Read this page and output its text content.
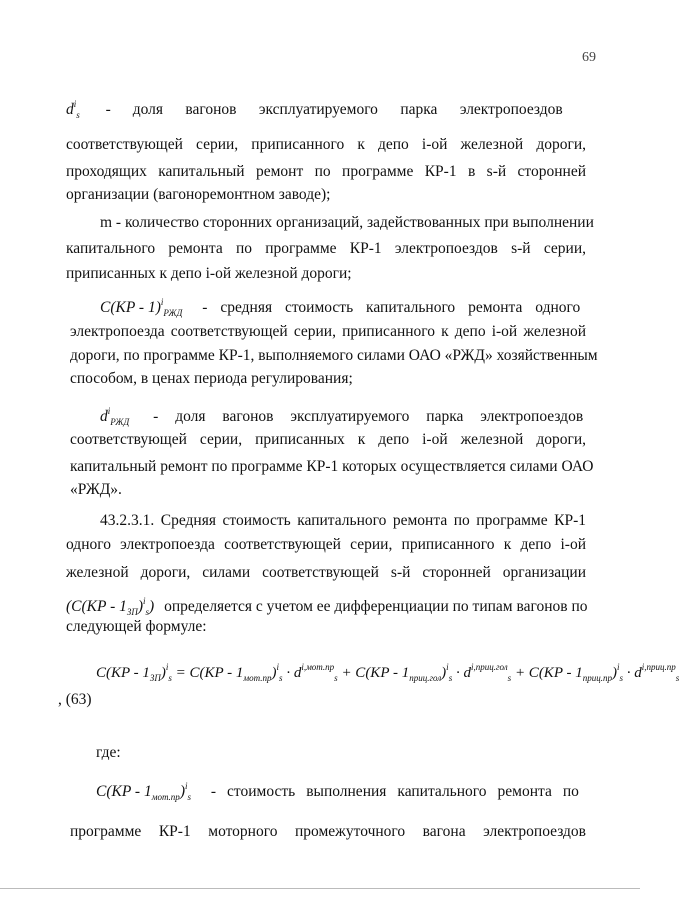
69
$d^i_s$ - доля вагонов эксплуатируемого парка электропоездов
соответствующей серии, приписанного к депо i-ой железной дороги,
проходящих капитальный ремонт по программе КР-1 в s-й сторонней
организации (вагоноремонтном заводе);
m - количество сторонних организаций, задействованных при выполнении
капитального ремонта по программе КР-1 электропоездов s-й серии,
приписанных к депо i-ой железной дороги;
C(KP - 1)$^i_{РЖД}$ - средняя стоимость капитального ремонта одного
электропоезда соответствующей серии, приписанного к депо i-ой железной
дороги, по программе КР-1, выполняемого силами ОАО «РЖД» хозяйственным
способом, в ценах периода регулирования;
$d^i_{РЖД}$ - доля вагонов эксплуатируемого парка электропоездов
соответствующей серии, приписанных к депо i-ой железной дороги,
капитальный ремонт по программе КР-1 которых осуществляется силами ОАО
«РЖД».
43.2.3.1. Средняя стоимость капитального ремонта по программе КР-1
одного электропоезда соответствующей серии, приписанного к депо i-ой
железной дороги, силами соответствующей s-й сторонней организации
$(C(KP - 1_{ЗП})^i_s)$ определяется с учетом ее дифференциации по типам вагонов по
следующей формуле:
$C(KP - 1_{ЗП})^i_s = C(KP - 1_{мот.пр})^i_s \cdot d^{i,мот.пр}_s + C(KP - 1_{приц.гол})^i_s \cdot d^{i,приц.гол}_s + C(KP - 1_{приц.пр})^i_s \cdot d^{i,приц.пр}_s$
, (63)
где:
$C(KP - 1_{мот.пр})^i_s$ - стоимость выполнения капитального ремонта по
программе КР-1 моторного промежуточного вагона электропоездов
